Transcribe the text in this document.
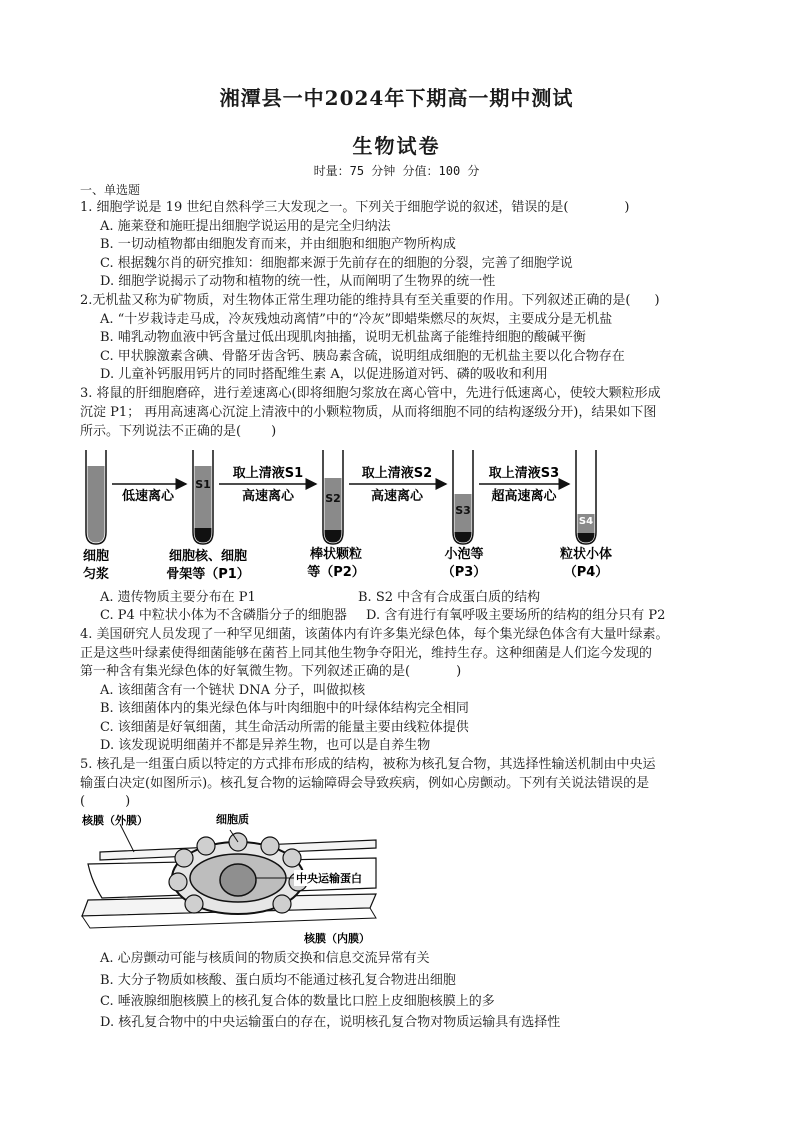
湘潭县一中2024年下期高一期中测试
生物试卷
时量：75 分钟 分值：100 分
一、单选题
1. 细胞学说是 19 世纪自然科学三大发现之一。下列关于细胞学说的叙述，错误的是(	)
A. 施莱登和施旺提出细胞学说运用的是完全归纳法
B. 一切动植物都由细胞发育而来，并由细胞和细胞产物所构成
C. 根据魏尔肖的研究推知：细胞都来源于先前存在的细胞的分裂，完善了细胞学说
D. 细胞学说揭示了动物和植物的统一性，从而阐明了生物界的统一性
2.无机盐又称为矿物质，对生物体正常生理功能的维持具有至关重要的作用。下列叙述正确的是( )
A. “十岁栽诗走马成，冷灰残烛动离情”中的“冷灰”即蜡柴燃尽的灰烬，主要成分是无机盐
B. 哺乳动物血液中钙含量过低出现肌肉抽搐，说明无机盐离子能维持细胞的酸碱平衡
C. 甲状腺激素含碘、骨骼牙齿含钙、胰岛素含硫，说明组成细胞的无机盐主要以化合物存在
D. 儿童补钙服用钙片的同时搭配维生素 A，以促进肠道对钙、磷的吸收和利用
3. 将鼠的肝细胞磨碎，进行差速离心(即将细胞匀浆放在离心管中，先进行低速离心，使较大颗粒形成
沉淀 P1； 再用高速离心沉淀上清液中的小颗粒物质，从而将细胞不同的结构逐级分开)，结果如下图
所示。下列说法不正确的是( )
S1
S2
S3
S4
取上清液S1	取上清液S2	取上清液S3
低速离心	高速离心	高速离心	超高速离心
细胞
匀浆
细胞核、细胞
骨架等（P1）
棒状颗粒
等（P2）
小泡等
（P3）
粒状小体
（P4）
A. 遗传物质主要分布在 P1	B. S2 中含有合成蛋白质的结构
C. P4 中粒状小体为不含磷脂分子的细胞器 D. 含有进行有氧呼吸主要场所的结构的组分只有 P2
4. 美国研究人员发现了一种罕见细菌，该菌体内有许多集光绿色体，每个集光绿色体含有大量叶绿素。
正是这些叶绿素使得细菌能够在菌苔上同其他生物争夺阳光，维持生存。这种细菌是人们迄今发现的
第一种含有集光绿色体的好氧微生物。下列叙述正确的是(	)
A. 该细菌含有一个链状 DNA 分子，叫做拟核
B. 该细菌体内的集光绿色体与叶肉细胞中的叶绿体结构完全相同
C. 该细菌是好氧细菌，其生命活动所需的能量主要由线粒体提供
D. 该发现说明细菌并不都是异养生物，也可以是自养生物
5. 核孔是一组蛋白质以特定的方式排布形成的结构，被称为核孔复合物，其选择性输送机制由中央运
输蛋白决定(如图所示)。核孔复合物的运输障碍会导致疾病，例如心房颤动。下列有关说法错误的是
(	)
核膜（外膜）	细胞质
中央运输蛋白
核膜（内膜）
A. 心房颤动可能与核质间的物质交换和信息交流异常有关
B. 大分子物质如核酸、蛋白质均不能通过核孔复合物进出细胞
C. 唾液腺细胞核膜上的核孔复合体的数量比口腔上皮细胞核膜上的多
D. 核孔复合物中的中央运输蛋白的存在，说明核孔复合物对物质运输具有选择性
